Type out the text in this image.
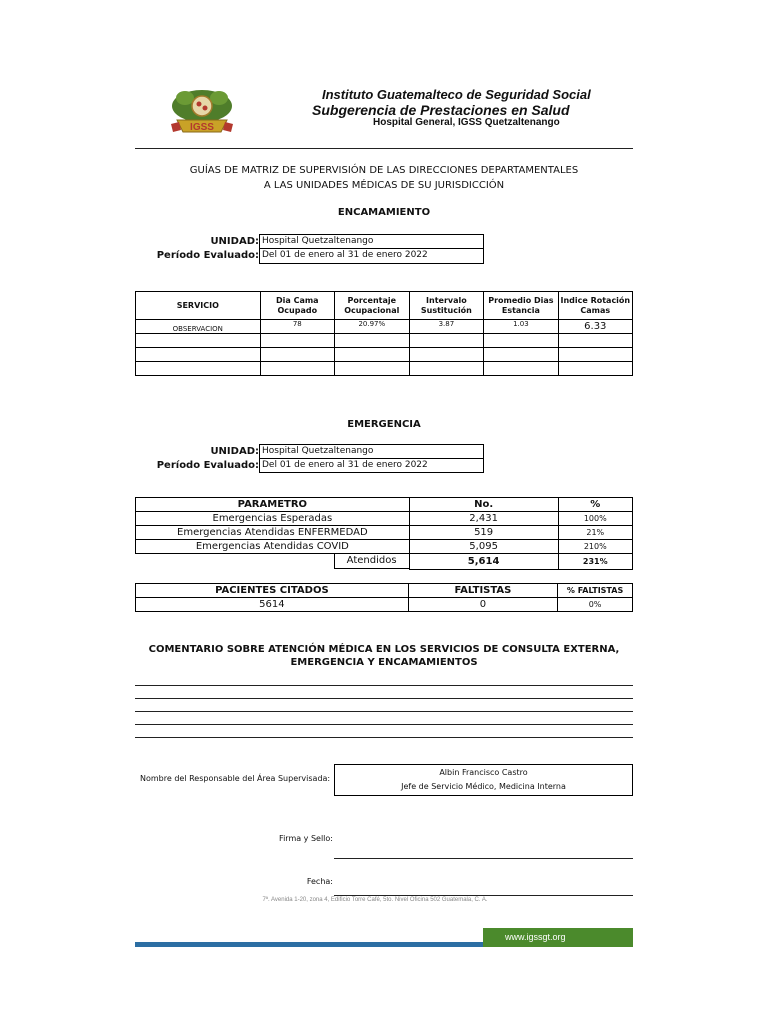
IGSS
Instituto Guatemalteco de Seguridad Social
Subgerencia de Prestaciones en Salud
Hospital General, IGSS Quetzaltenango
GUÍAS DE MATRIZ DE SUPERVISIÓN DE LAS DIRECCIONES DEPARTAMENTALES
A LAS UNIDADES MÉDICAS DE SU JURISDICCIÓN
ENCAMAMIENTO
UNIDAD: Hospital Quetzaltenango
Período Evaluado: Del 01 de enero al 31 de enero 2022
SERVICIO	Dia Cama Ocupado	Porcentaje Ocupacional	Intervalo Sustitución	Promedio Dias Estancia	Indice Rotación Camas
OBSERVACION	78	20.97%	3.87	1.03	6.33

EMERGENCIA
UNIDAD: Hospital Quetzaltenango
Período Evaluado: Del 01 de enero al 31 de enero 2022
PARAMETRO	No.	%
Emergencias Esperadas	2,431	100%
Emergencias Atendidas ENFERMEDAD	519	21%
Emergencias Atendidas COVID	5,095	210%

Atendidos	5,614	231%
PACIENTES CITADOS	FALTISTAS	% FALTISTAS
5614	0	0%
COMENTARIO SOBRE ATENCIÓN MÉDICA EN LOS SERVICIOS DE CONSULTA EXTERNA,
EMERGENCIA Y ENCAMAMIENTOS
Nombre del Responsable del Área Supervisada:
Albin Francisco Castro
Jefe de Servicio Médico, Medicina Interna
Firma y Sello:
Fecha:
7ª. Avenida 1-20, zona 4, Edificio Torre Café, 5to. Nivel Oficina 502 Guatemala, C. A.
www.igssgt.org
